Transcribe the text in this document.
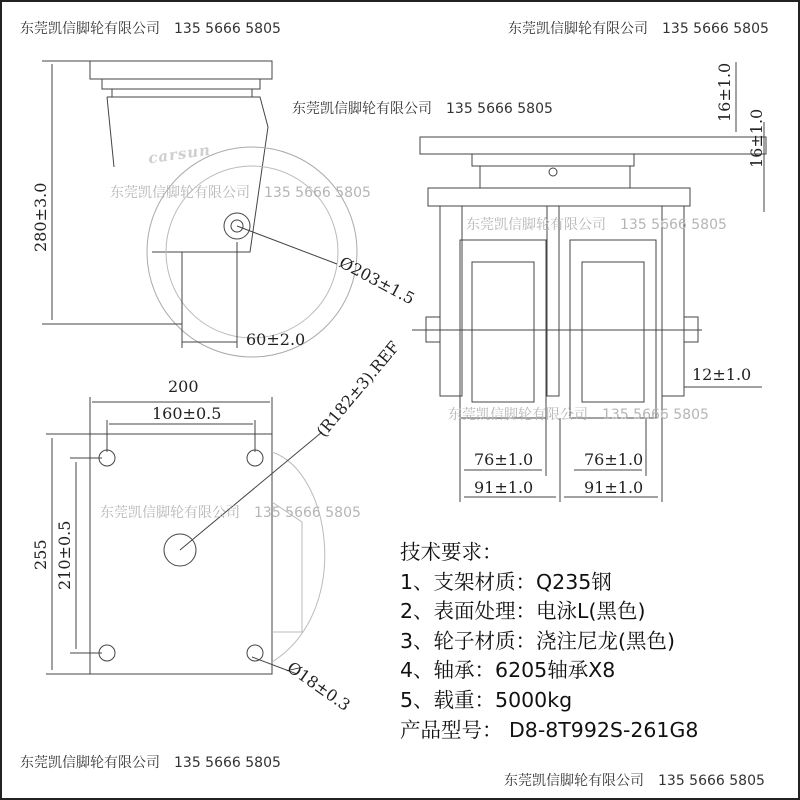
280±3.0
Ø203±1.5
60±2.0
16±1.0
16±1.0
12±1.0
76±1.0	76±1.0
91±1.0	91±1.0
200
160±0.5	(R182±3).REF
255 210±0.5
Ø18±0.3
carsun
东莞凯信脚轮有限公司 135 5666 5805	东莞凯信脚轮有限公司 135 5666 5805
东莞凯信脚轮有限公司 135 5666 5805
东莞凯信脚轮有限公司 135 5666 5805
东莞凯信脚轮有限公司 135 5666 5805
东莞凯信脚轮有限公司 135 5666 5805
东莞凯信脚轮有限公司 135 5666 5805
东莞凯信脚轮有限公司 135 5666 5805
东莞凯信脚轮有限公司 135 5666 5805
技术要求：
1、支架材质：Q235钢
2、表面处理：电泳L(黑色)
3、轮子材质：浇注尼龙(黑色)
4、轴承：6205轴承X8
5、载重：5000kg
产品型号： D8-8T992S-261G8
